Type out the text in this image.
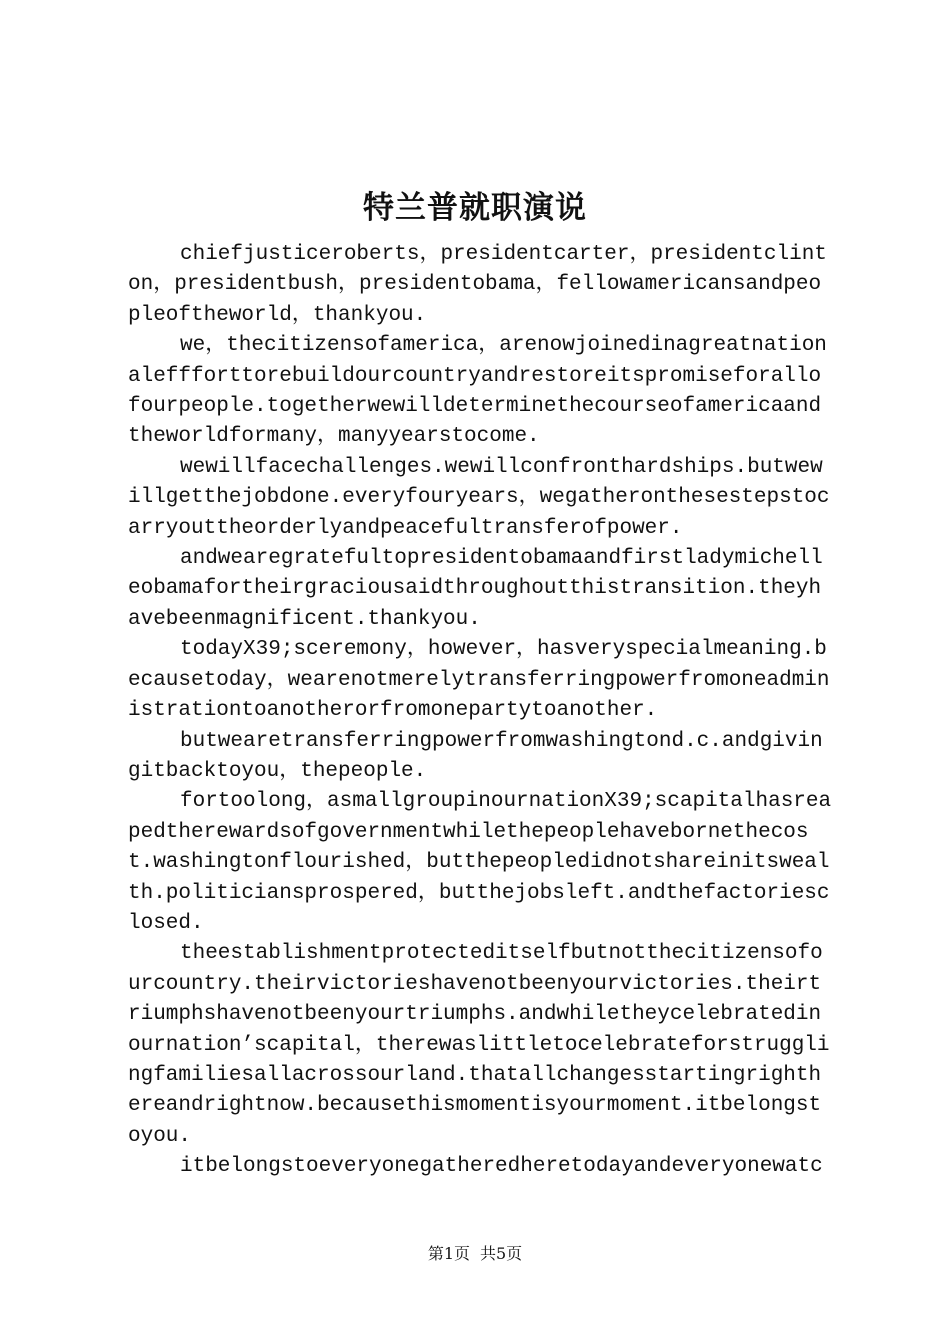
特兰普就职演说

chiefjusticeroberts，presidentcarter，presidentclinton，presidentbush，presidentobama，fellowamericansandpeopleoftheworld，thankyou.

we，thecitizensofamerica，arenowjoinedinagreatnationaleffforttorebuildourcountryandrestoreitspromiseforallofourpeople.togetherwewilldeterminethecourseofamericaandtheworldformany，manyyearstocome.

wewillfacechallenges.wewillconfronthardships.butwewillgetthejobdone.everyfouryears，wegatheronthesestepstocarryouttheorderlyandpeacefultransferofpower.

andwearegratefultopresidentobamaandfirstladymichelleobamafortheirgraciousaidthroughoutthistransition.theyhavebeenmagnificent.thankyou.

todayX39;sceremony，however，hasveryspecialmeaning.becausetoday，wearenotmerelytransferringpowerfromoneadministrationtoanotherorfromonepartytoanother.

butwearetransferringpowerfromwashingtond.c.andgivingitbacktoyou，thepeople.

fortoolong，asmallgroupinournationX39;scapitalhasreapedtherewardsofgovernmentwhilethepeoplehavebornethecost.washingtonflourished，butthepeopledidnotshareinitswealth.politiciansprospered，butthejobsleft.andthefactoriesclosed.

theestablishmentprotecteditselfbutnotthecitizensofourcountry.theirvictorieshavenotbeenyourvictories.theirtriumphshavenotbeenyourtriumphs.andwhiletheycelebratedinournation’scapital，therewaslittletocelebrateforstrugglingfamiliesallacrossourland.thatallchangesstartingrighthereandrightnow.becausethismomentisyourmoment.itbelongstoyou.

itbelongstoeveryonegatheredheretodayandeveryonewatc

第1页 共5页
